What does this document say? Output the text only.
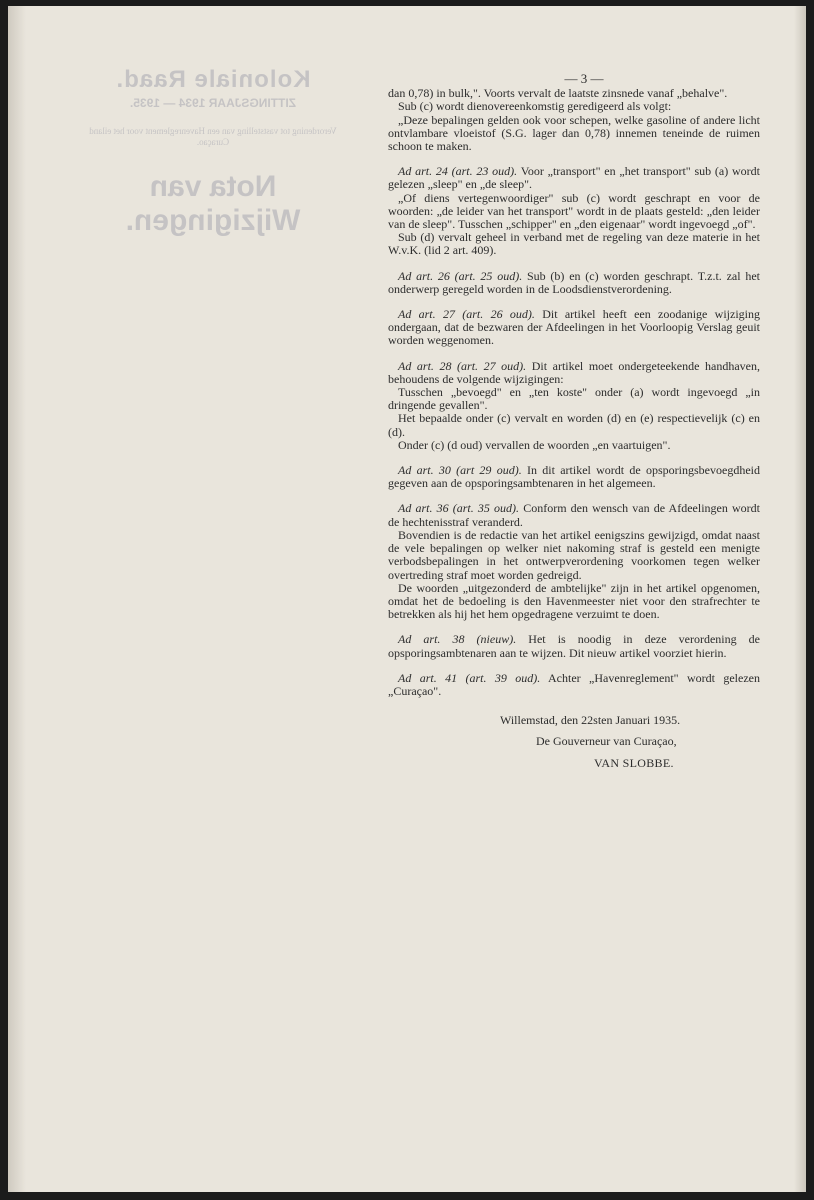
Koloniale Raad.
ZITTINGSJAAR 1934 — 1935.
Verordening tot vaststelling van een Havenreglement voor het eiland Curaçao.
Nota van Wijzigingen.
— 3 —

dan 0,78) in bulk,". Voorts vervalt de laatste zinsnede vanaf „behalve".

Sub (c) wordt dienovereenkomstig geredigeerd als volgt:

„Deze bepalingen gelden ook voor schepen, welke gasoline of andere licht ontvlambare vloeistof (S.G. lager dan 0,78) innemen teneinde de ruimen schoon te maken.

Ad art. 24 (art. 23 oud). Voor „transport" en „het transport" sub (a) wordt gelezen „sleep" en „de sleep".

„Of diens vertegenwoordiger" sub (c) wordt geschrapt en voor de woorden: „de leider van het transport" wordt in de plaats gesteld: „den leider van de sleep". Tusschen „schipper" en „den eigenaar" wordt ingevoegd „of".

Sub (d) vervalt geheel in verband met de regeling van deze materie in het W.v.K. (lid 2 art. 409).

Ad art. 26 (art. 25 oud). Sub (b) en (c) worden geschrapt. T.z.t. zal het onderwerp geregeld worden in de Loodsdienstverordening.

Ad art. 27 (art. 26 oud). Dit artikel heeft een zoodanige wijziging ondergaan, dat de bezwaren der Afdeelingen in het Voorloopig Verslag geuit worden weggenomen.

Ad art. 28 (art. 27 oud). Dit artikel moet ondergeteekende handhaven, behoudens de volgende wijzigingen:

Tusschen „bevoegd" en „ten koste" onder (a) wordt ingevoegd „in dringende gevallen".

Het bepaalde onder (c) vervalt en worden (d) en (e) respectievelijk (c) en (d).

Onder (c) (d oud) vervallen de woorden „en vaartuigen".

Ad art. 30 (art 29 oud). In dit artikel wordt de opsporingsbevoegdheid gegeven aan de opsporingsambtenaren in het algemeen.

Ad art. 36 (art. 35 oud). Conform den wensch van de Afdeelingen wordt de hechtenisstraf veranderd.

Bovendien is de redactie van het artikel eenigszins gewijzigd, omdat naast de vele bepalingen op welker niet nakoming straf is gesteld een menigte verbodsbepalingen in het ontwerpverordening voorkomen tegen welker overtreding straf moet worden gedreigd.

De woorden „uitgezonderd de ambtelijke" zijn in het artikel opgenomen, omdat het de bedoeling is den Havenmeester niet voor den strafrechter te betrekken als hij het hem opgedragene verzuimt te doen.

Ad art. 38 (nieuw). Het is noodig in deze verordening de opsporingsambtenaren aan te wijzen. Dit nieuw artikel voorziet hierin.

Ad art. 41 (art. 39 oud). Achter „Havenreglement" wordt gelezen „Curaçao".

Willemstad, den 22sten Januari 1935.

De Gouverneur van Curaçao,

VAN SLOBBE.
